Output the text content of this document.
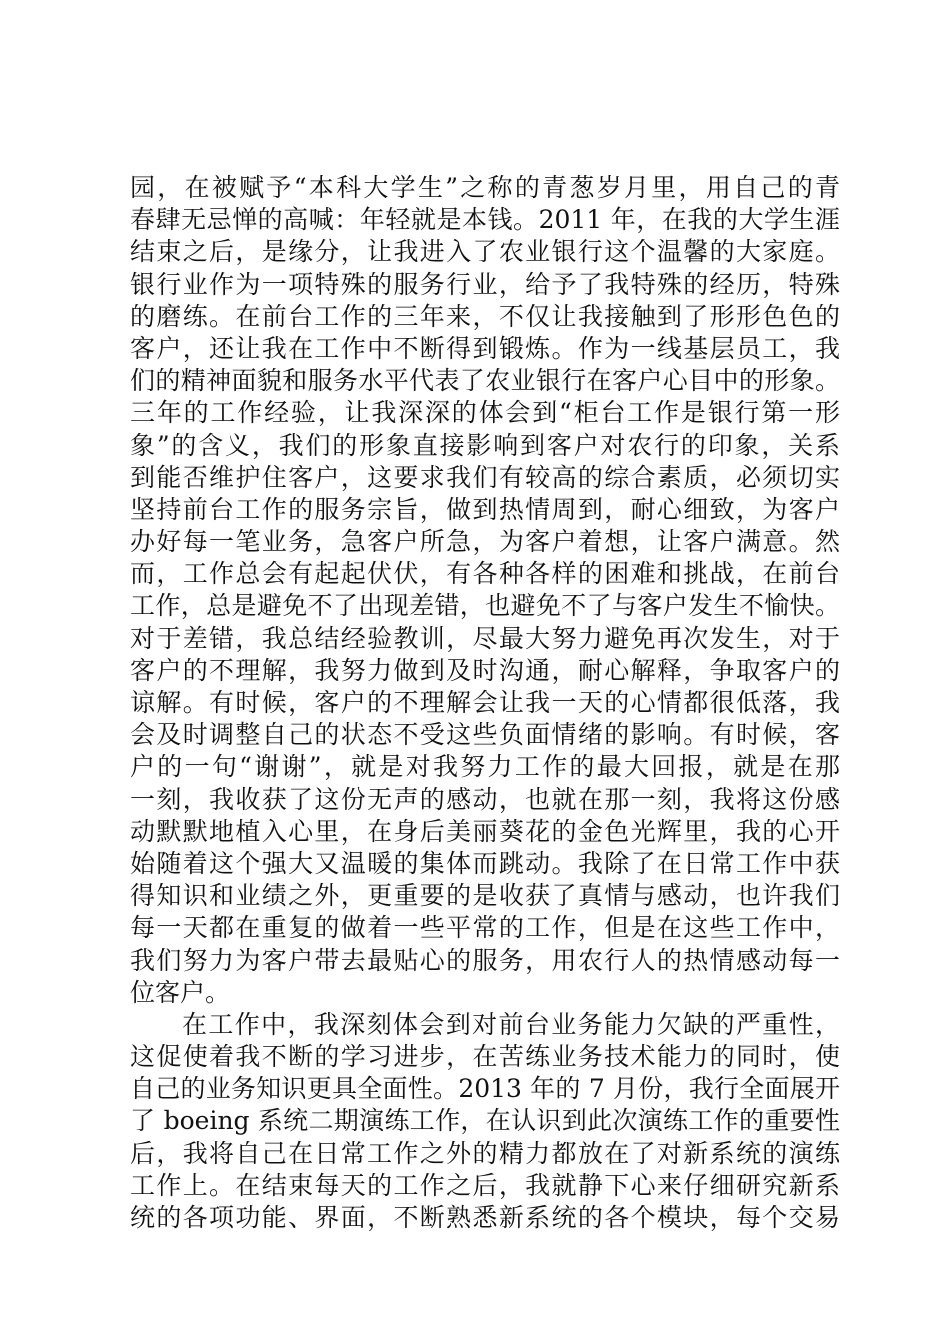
园，在被赋予“本科大学生”之称的青葱岁月里，用自己的青
春肆无忌惮的高喊：年轻就是本钱。2011 年，在我的大学生涯
结束之后，是缘分，让我进入了农业银行这个温馨的大家庭。
银行业作为一项特殊的服务行业，给予了我特殊的经历，特殊
的磨练。在前台工作的三年来，不仅让我接触到了形形色色的
客户，还让我在工作中不断得到锻炼。作为一线基层员工，我
们的精神面貌和服务水平代表了农业银行在客户心目中的形象。
三年的工作经验，让我深深的体会到“柜台工作是银行第一形
象”的含义，我们的形象直接影响到客户对农行的印象，关系
到能否维护住客户，这要求我们有较高的综合素质，必须切实
坚持前台工作的服务宗旨，做到热情周到，耐心细致，为客户
办好每一笔业务，急客户所急，为客户着想，让客户满意。然
而，工作总会有起起伏伏，有各种各样的困难和挑战，在前台
工作，总是避免不了出现差错，也避免不了与客户发生不愉快。
对于差错，我总结经验教训，尽最大努力避免再次发生，对于
客户的不理解，我努力做到及时沟通，耐心解释，争取客户的
谅解。有时候，客户的不理解会让我一天的心情都很低落，我
会及时调整自己的状态不受这些负面情绪的影响。有时候，客
户的一句“谢谢”，就是对我努力工作的最大回报，就是在那
一刻，我收获了这份无声的感动，也就在那一刻，我将这份感
动默默地植入心里，在身后美丽葵花的金色光辉里，我的心开
始随着这个强大又温暖的集体而跳动。我除了在日常工作中获
得知识和业绩之外，更重要的是收获了真情与感动，也许我们
每一天都在重复的做着一些平常的工作，但是在这些工作中，
我们努力为客户带去最贴心的服务，用农行人的热情感动每一
位客户。
在工作中，我深刻体会到对前台业务能力欠缺的严重性，
这促使着我不断的学习进步，在苦练业务技术能力的同时，使
自己的业务知识更具全面性。2013 年的 7 月份，我行全面展开
了 boeing 系统二期演练工作，在认识到此次演练工作的重要性
后，我将自己在日常工作之外的精力都放在了对新系统的演练
工作上。在结束每天的工作之后，我就静下心来仔细研究新系
统的各项功能、界面，不断熟悉新系统的各个模块，每个交易
